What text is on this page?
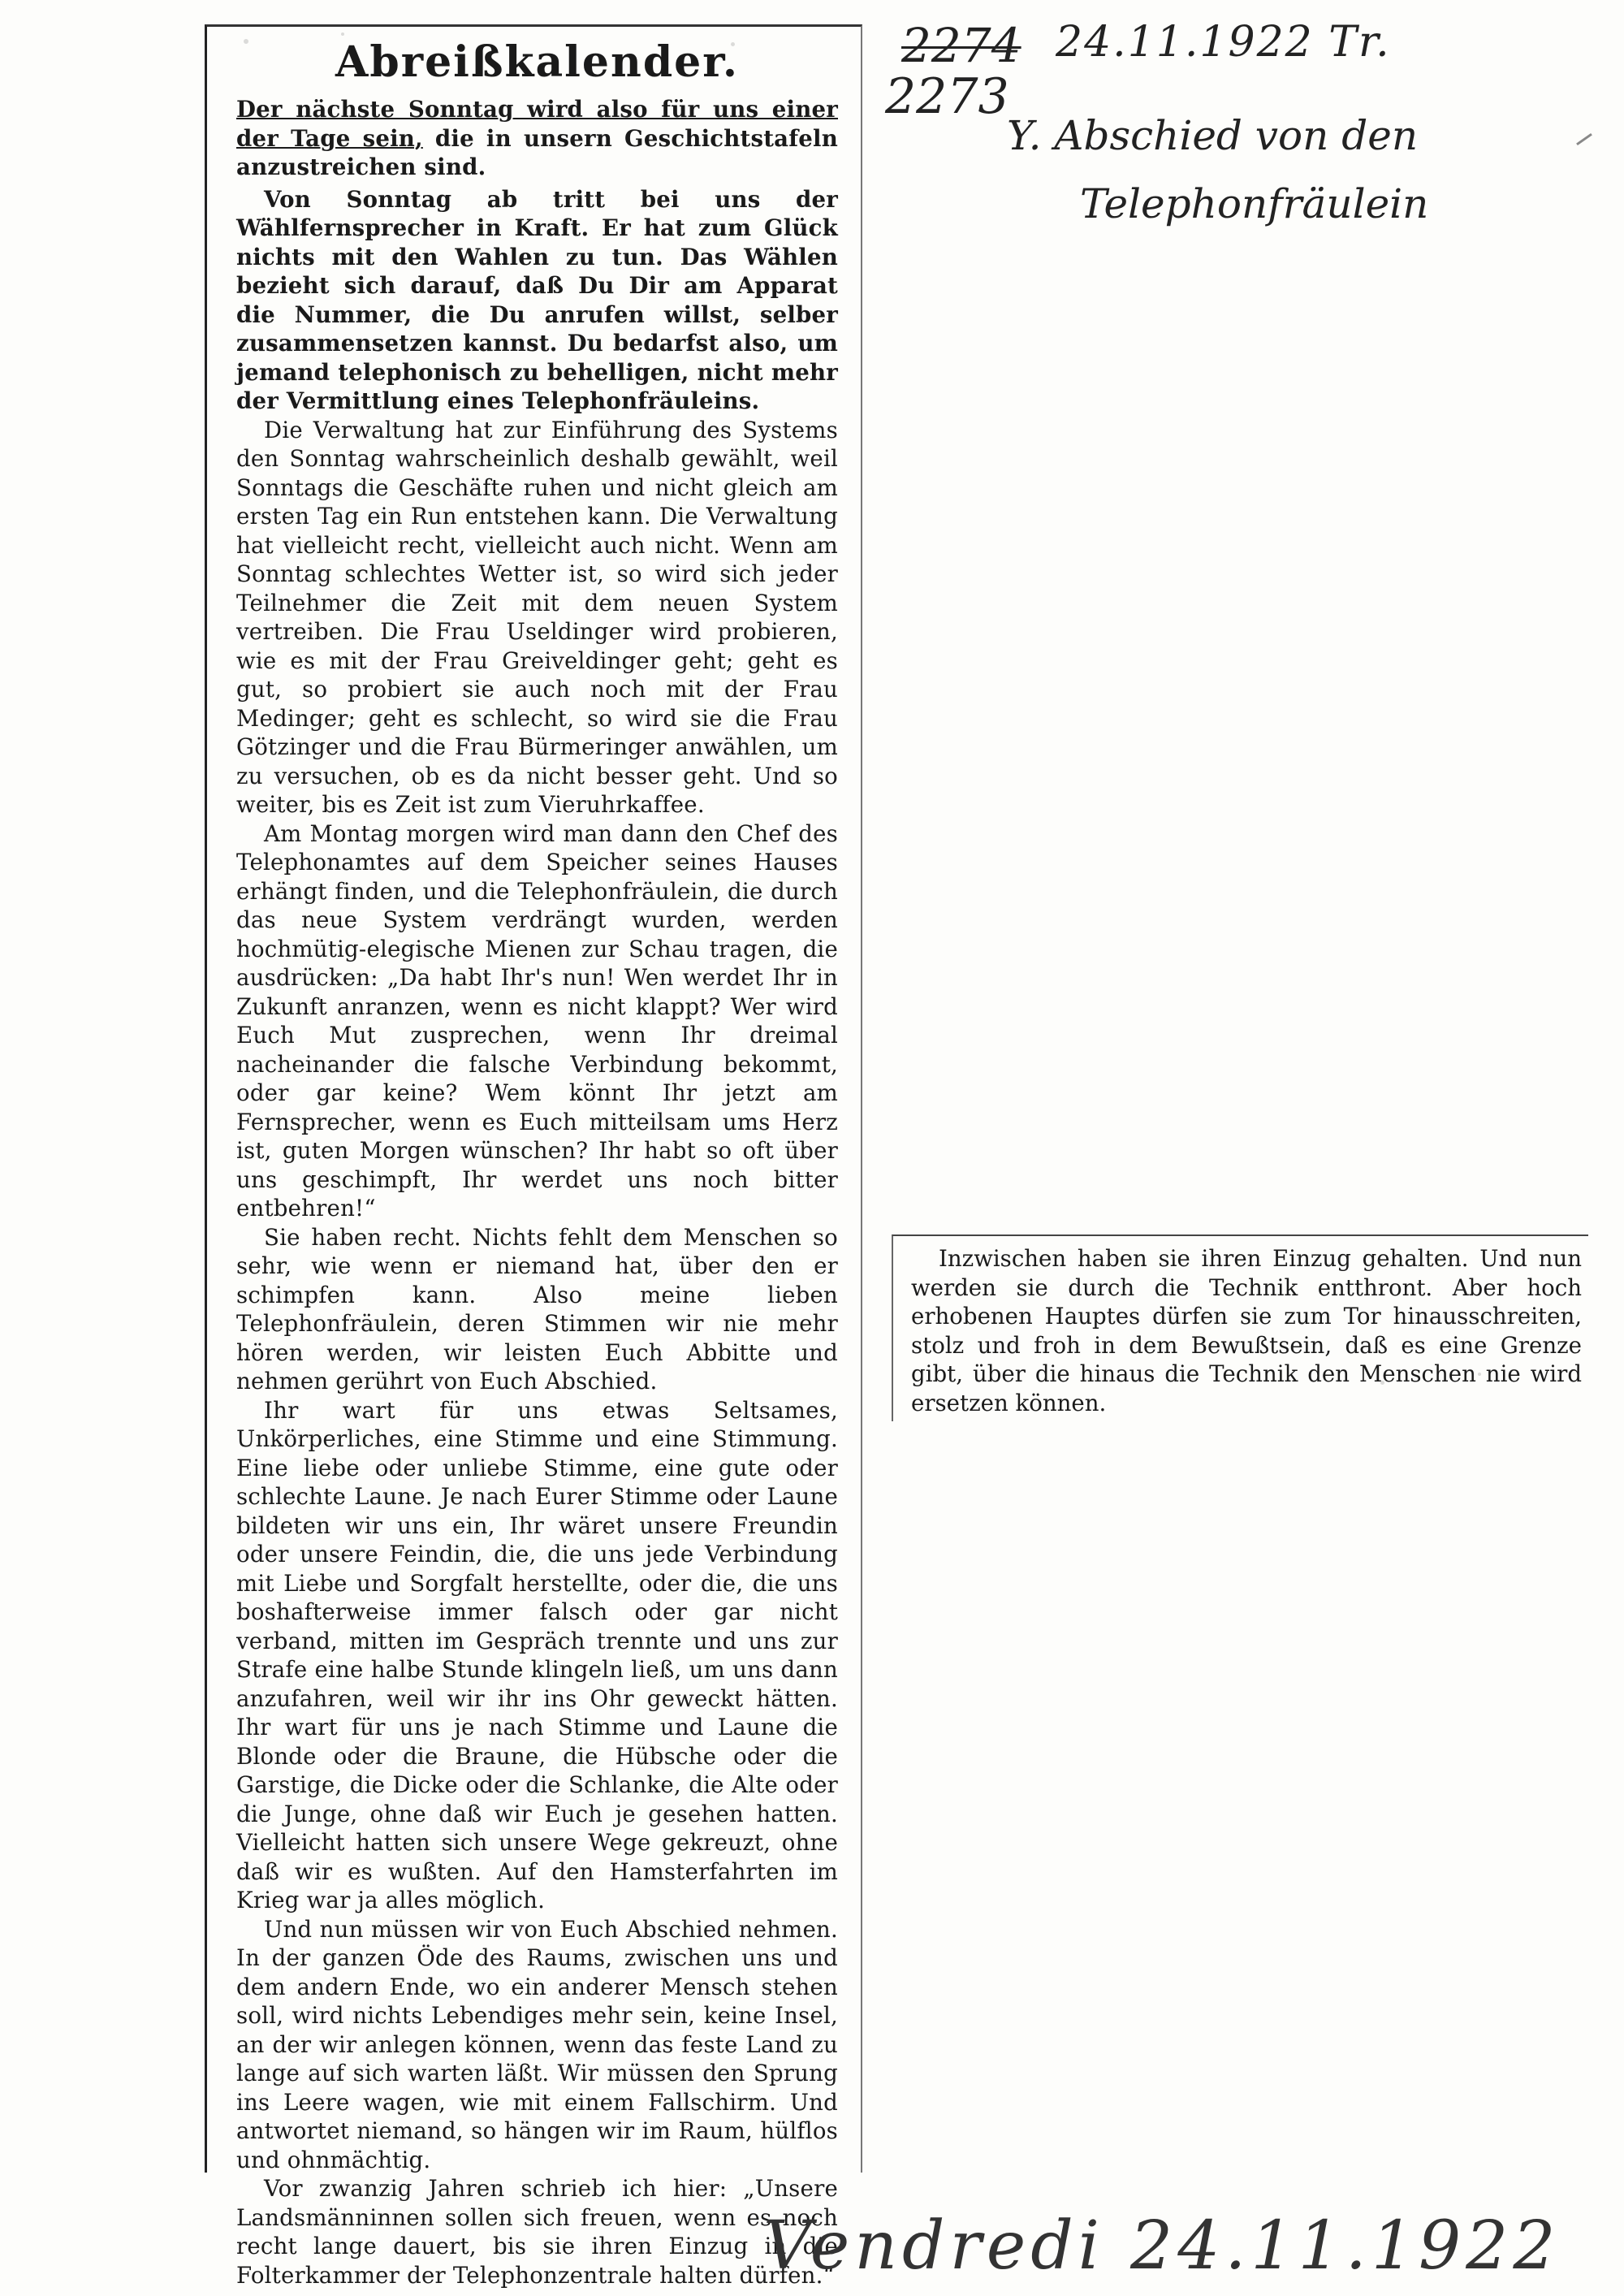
Abreißkalender.

Der nächste Sonntag wird also für uns einer der Tage sein, die in unsern Geschichtstafeln anzustreichen sind.

Von Sonntag ab tritt bei uns der Wählfernsprecher in Kraft. Er hat zum Glück nichts mit den Wahlen zu tun. Das Wählen bezieht sich darauf, daß Du Dir am Apparat die Nummer, die Du anrufen willst, selber zusammensetzen kannst. Du bedarfst also, um jemand telephonisch zu behelligen, nicht mehr der Vermittlung eines Telephonfräuleins.

Die Verwaltung hat zur Einführung des Systems den Sonntag wahrscheinlich deshalb gewählt, weil Sonntags die Geschäfte ruhen und nicht gleich am ersten Tag ein Run entstehen kann. Die Verwaltung hat vielleicht recht, vielleicht auch nicht. Wenn am Sonntag schlechtes Wetter ist, so wird sich jeder Teilnehmer die Zeit mit dem neuen System vertreiben. Die Frau Useldinger wird probieren, wie es mit der Frau Greiveldinger geht; geht es gut, so probiert sie auch noch mit der Frau Medinger; geht es schlecht, so wird sie die Frau Götzinger und die Frau Bürmeringer anwählen, um zu versuchen, ob es da nicht besser geht. Und so weiter, bis es Zeit ist zum Vieruhrkaffee.

Am Montag morgen wird man dann den Chef des Telephonamtes auf dem Speicher seines Hauses erhängt finden, und die Telephonfräulein, die durch das neue System verdrängt wurden, werden hochmütig-elegische Mienen zur Schau tragen, die ausdrücken: „Da habt Ihr's nun! Wen werdet Ihr in Zukunft anranzen, wenn es nicht klappt? Wer wird Euch Mut zusprechen, wenn Ihr dreimal nacheinander die falsche Verbindung bekommt, oder gar keine? Wem könnt Ihr jetzt am Fernsprecher, wenn es Euch mitteilsam ums Herz ist, guten Morgen wünschen? Ihr habt so oft über uns geschimpft, Ihr werdet uns noch bitter entbehren!“

Sie haben recht. Nichts fehlt dem Menschen so sehr, wie wenn er niemand hat, über den er schimpfen kann. Also meine lieben Telephonfräulein, deren Stimmen wir nie mehr hören werden, wir leisten Euch Abbitte und nehmen gerührt von Euch Abschied.

Ihr wart für uns etwas Seltsames, Unkörperliches, eine Stimme und eine Stimmung. Eine liebe oder unliebe Stimme, eine gute oder schlechte Laune. Je nach Eurer Stimme oder Laune bildeten wir uns ein, Ihr wäret unsere Freundin oder unsere Feindin, die, die uns jede Verbindung mit Liebe und Sorgfalt herstellte, oder die, die uns boshafterweise immer falsch oder gar nicht verband, mitten im Gespräch trennte und uns zur Strafe eine halbe Stunde klingeln ließ, um uns dann anzufahren, weil wir ihr ins Ohr geweckt hätten. Ihr wart für uns je nach Stimme und Laune die Blonde oder die Braune, die Hübsche oder die Garstige, die Dicke oder die Schlanke, die Alte oder die Junge, ohne daß wir Euch je gesehen hatten. Vielleicht hatten sich unsere Wege gekreuzt, ohne daß wir es wußten. Auf den Hamsterfahrten im Krieg war ja alles möglich.

Und nun müssen wir von Euch Abschied nehmen. In der ganzen Öde des Raums, zwischen uns und dem andern Ende, wo ein anderer Mensch stehen soll, wird nichts Lebendiges mehr sein, keine Insel, an der wir anlegen können, wenn das feste Land zu lange auf sich warten läßt. Wir müssen den Sprung ins Leere wagen, wie mit einem Fallschirm. Und antwortet niemand, so hängen wir im Raum, hülflos und ohnmächtig.

Vor zwanzig Jahren schrieb ich hier: „Unsere Landsmänninnen sollen sich freuen, wenn es noch recht lange dauert, bis sie ihren Einzug in die Folterkammer der Telephonzentrale halten dürfen.“

Inzwischen haben sie ihren Einzug gehalten. Und nun werden sie durch die Technik entthront. Aber hoch erhobenen Hauptes dürfen sie zum Tor hinausschreiten, stolz und froh in dem Bewußtsein, daß es eine Grenze gibt, über die hinaus die Technik den Menschen nie wird ersetzen können.

2274
2273
24.11.1922 Tr.
Y. Abschied von den
Telephonfräulein
Vendredi 24.11.1922
